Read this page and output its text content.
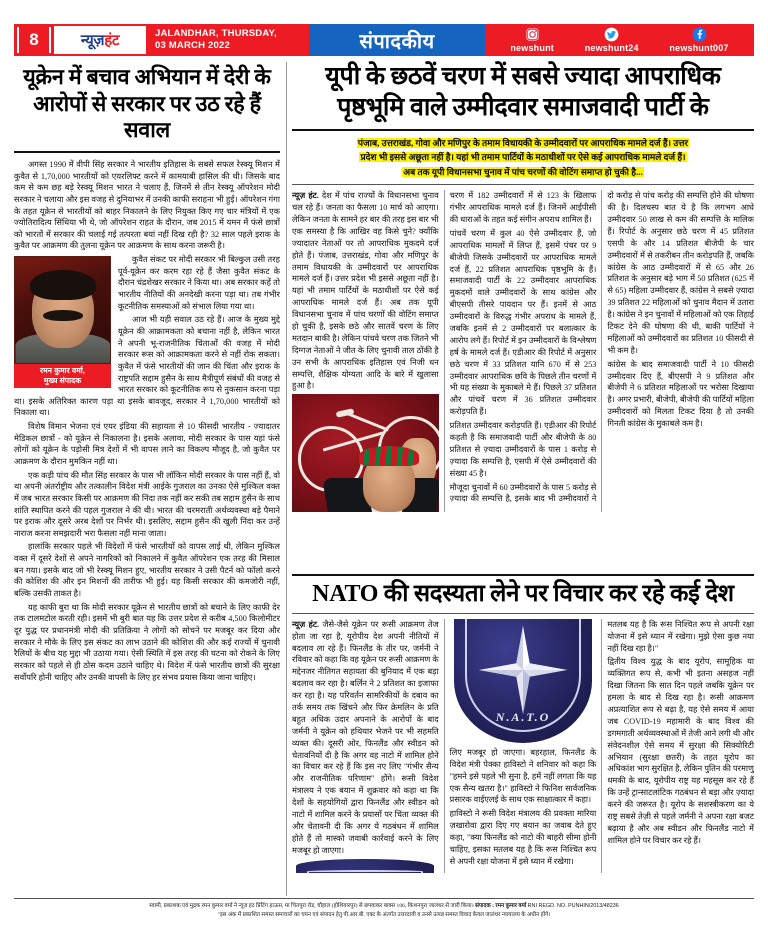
8	न्यूज़हंट	JALANDHAR, THURSDAY,
03 MARCH 2022	संपादकीय	newshunt	newshunt24	newshunt007
यूक्रेन में बचाव अभियान में देरी के आरोपों से सरकार पर उठ रहे हैं सवाल

अगस्त 1990 में वीपी सिंह सरकार ने भारतीय इतिहास के सबसे सफल रेस्क्यू मिशन में कुवैत से 1,70,000 भारतीयों को एयरलिफ्ट करने में कामयाबी हासिल की थी। जिसके बाद कम से कम छह बड़े रेस्क्यू मिशन भारत ने चलाए हैं, जिनमें से तीन रेस्क्यू ऑपरेशन मोदी सरकार ने चलाया और इस वजह से दुनियाभर में उनकी काफी सराहना भी हुई। ऑपरेशन गंगा के तहत यूक्रेन से भारतीयों को बाहर निकालने के लिए नियुक्त किए गए चार मंत्रियों में एक ज्योतिरादित्य सिंधिया भी थे, जो ऑपरेशन राहत के दौरान, जब 2015 में यमन में फंसे छात्रों को भारतों में सरकार की चलाई गई तत्परता बयां नहीं दिख रही है? 32 साल पहले इराक के कुवैत पर आक्रमण की तुलना यूक्रेन पर आक्रमण के साथ करना जरूरी है।

रमन कुमार वर्मा,
मुख्य संपादक

कुवैत संकट पर मोदी सरकार भी बिल्कुल उसी तरह पूर्व-यूक्रेन कर करम रहा रहे हैं जैसा कुवैत संकट के दौरान चंद्रशेखर सरकार ने किया था। अब सरकार कहें तो भारतीय नीतियों की अनदेखी करना पड़ा था। तब गंभीर कूटनीतिक समस्याओं को संभाल लिया गया था।

आज भी यही सवाल उठ रहे हैं। आज के मुख्य मुद्दे यूक्रेन की आक्रामकता को बचाना नहीं है, लेकिन भारत ने अपनी भू-राजनीतिक चिंताओं की वजह में मोदी सरकार रूस को आक्रामकता करने से नहीं रोक सकता। कुवैत में फंसे भारतीयों की जान की चिंता और इराक के राष्ट्रपति सद्दाम हुसैन के साथ मैत्रीपूर्ण संबंधों की वजह से भारत सरकार को कूटनीतिक रूप से नुकसान करना पड़ा था। इसके अतिरिक्त कारण पड़ा था इसके बावजूद, सरकार ने 1,70,000 भारतीयों को निकाला था।

विशेष विमान भेजना एवं एयर इंडिया की सहायता से 10 फीसदी भारतीय - ज्यादातर मेडिकल छात्रों - को यूक्रेन से निकालना है। इसके अलावा, मोदी सरकार के पास यहां फंसे लोगों को यूक्रेन के पड़ोसी मित्र देशों में भी वापस लाने का विकल्प मौजूद है, जो कुवैत पर आक्रमण के दौरान मुमकिन नहीं था।

एक कड़ी पांच की मौत सिंह सरकार के पास भी लॉकिन मोदी सरकार के पास नहीं हैं, वो था अपनी अंतर्राष्ट्रीय और तत्कालीन विदेश मंत्री आईके गुजराल का उनका ऐसे मुश्किल वक्त में जब भारत सरकार किसी पर आक्रमण की निंदा तक नहीं कर सकी तब सद्दाम हुसैन के साथ शांति स्थापित करने की पहल गुजराल ने की थी। भारत की चरमराती अर्थव्यवस्था बड़े पैमाने पर इराक और दूसरे अरब देशों पर निर्भर थी। इसलिए, सद्दाम हुसैन की खुली निंदा कर उन्हें नाराज करना समझदारी भरा फैसला नहीं माना जाता।

हालांकि सरकार पहले भी विदेशों में फंसे भारतीयों को वापस लाई थी, लेकिन मुश्किल वक्त में दूसरे देशों से अपने नागरिकों को निकालने में कुवैत ऑपरेशन एक तरह की मिसाल बन गया। इसके बाद जो भी रेस्क्यू मिशन हुए, भारतीय सरकार ने उसी पैटर्न को फॉलो करने की कोशिश की और इन मिशनों की तारीफ भी हुई। यह किसी सरकार की कमजोरी नहीं, बल्कि उसकी ताकत है।

यह काफी बुरा था कि मोदी सरकार यूक्रेन से भारतीय छात्रों को बचाने के लिए काफी देर तक टालमटोल करती रही। इसमें भी बुरी बात यह कि उत्तर प्रदेश से करीब 4,500 किलोमीटर दूर युद्ध पर प्रधानमंत्री मोदी की प्रतिक्रिया ने लोगों को सोचने पर मजबूर कर दिया और सरकार ने मौके के लिए इस संकट का लाभ उठाने की कोशिश की और कई राज्यों में चुनावी रैलियों के बीच यह मुद्दा भी उठाया गया। ऐसी स्थिति में इस तरह की घटना को रोकने के लिए सरकार को पहले से ही ठोस कदम उठाने चाहिए थे। विदेश में फंसे भारतीय छात्रों की सुरक्षा सर्वोपरि होनी चाहिए और उनकी वापसी के लिए हर संभव प्रयास किया जाना चाहिए।

यूपी के छठवें चरण में सबसे ज्यादा आपराधिक पृष्ठभूमि वाले उम्मीदवार समाजवादी पार्टी के
पंजाब, उत्तराखंड, गोवा और मणिपुर के तमाम विधायकी के उम्मीदवारों पर आपराधिक मामले दर्ज हैं। उत्तर
प्रदेश भी इससे अछूता नहीं है। यहां भी तमाम पार्टियों के मठाधीशों पर ऐसे कई आपराधिक मामले दर्ज हैं।
अब तक यूपी विधानसभा चुनाव में पांच चरणों की वोटिंग समाप्त हो चुकी है...

न्यूज़ हंट. देश में पांच राज्यों के विधानसभा चुनाव चल रहे हैं। जनता का फैसला 10 मार्च को आएगा। लेकिन जनता के सामने हर बार की तरह इस बार भी एक समस्या है कि आखिर वह किसे चुने? क्योंकि ज्यादातर नेताओं पर तो आपराधिक मुकदमे दर्ज होते हैं। पंजाब, उत्तराखंड, गोवा और मणिपुर के तमाम विधायकी के उम्मीदवारों पर आपराधिक मामले दर्ज हैं। उत्तर प्रदेश भी इससे अछूता नहीं है। यहां भी तमाम पार्टियों के मठाधीशों पर ऐसे कई आपराधिक मामले दर्ज हैं। अब तक यूपी विधानसभा चुनाव में पांच चरणों की वोटिंग समाप्त हो चुकी है, इसके छठे और सातवें चरण के लिए मतदान बाकी है। लेकिन पांचवे चरण तक जितने भी दिग्गज नेताओं ने जीत के लिए चुनावी ताल ठोंकी है उन सभी के आपराधिक इतिहास एवं निजी धन सम्पत्ति, शैक्षिक योग्यता आदि के बारे में खुलासा हुआ है।

चरण में 182 उम्मीदवारों में से 123 के खिलाफ गंभीर आपराधिक मामले दर्ज हैं। जिनमें आईपीसी की धाराओं के तहत कई संगीन अपराध शामिल हैं।

पांचवें चरण में कुल 40 ऐसे उम्मीदवार हैं, जो आपराधिक मामलों में लिप्त हैं, इसमें पंचर पर 9 बीजेपी जिसके उम्मीदवारों पर आपराधिक मामले दर्ज हैं, 22 प्रतिशत आपराधिक पृष्ठभूमि के हैं। समाजवादी पार्टी के 22 उम्मीदवार आपराधिक मुकदमों वाले उम्मीदवारों के साथ कांग्रेस और बीएसपी तीसरे पायदान पर हैं। इनमें से आठ उम्मीदवारों के विरुद्ध गंभीर अपराध के मामले हैं, जबकि इनमें से 2 उम्मीदवारों पर बलात्कार के आरोप लगे हैं। रिपोर्ट में इन उम्मीदवारों के विश्लेषण हर्ष के मामले दर्ज हैं। एडीआर की रिपोर्ट में अनुसार छठे चरण में 33 प्रतिशत यानि 670 में से 253 उम्मीदवार आपराधिक छवि के पिछले तीन चरणों में भी यह संख्या के मुकाबले मे हैं। पिछले 37 प्रतिशत और पांचवें चरण में 36 प्रतिशत उम्मीदवार करोड़पति हैं।

प्रतिशत उम्मीदवार करोड़पति हैं। एडीआर की रिपोर्ट कहती है कि समाजवादी पार्टी और बीजेपी के 80 प्रतिशत से ज़्यादा उम्मीदवारों के पास 1 करोड़ से ज़्यादा कि सम्पत्ति है, एसपी में ऐसे उम्मीदवारों की संख्या 45 है।

मौजूदा चुनावों में 60 उम्मीदवारों के पास 5 करोड़ से ज़्यादा की सम्पत्ति है, इसके बाद भी उम्मीदवारों ने दो करोड़ से पांच करोड़ की सम्पत्ति होने की घोषणा की है। दिलचस्प बात ये है कि लगभग आधे उम्मीदवार 50 लाख से कम की सम्पत्ति के मालिक हैं। रिपोर्ट के अनुसार छठे चरण में 45 प्रतिशत एसपी के और 14 प्रतिशत बीजेपी के चार उम्मीदवारों में से तकरीबन तीन करोड़पति हैं, जबकि कांग्रेस के आठ उम्मीदवारों में से 65 और 26 प्रतिशत के अनुसार बड़े भाग में 50 प्रतिशत (625 में से 65) महिला उम्मीदवार हैं, कांग्रेस ने सबसे ज़्यादा 39 प्रतिशत 22 महिलाओं को चुनाव मैदान में उतारा है। कांग्रेस ने इन चुनावों में महिलाओं को एक तिहाई टिकट देने की घोषणा की थी, बाकी पार्टियों ने महिलाओं को उम्मीदवारों का प्रतिशत 10 फीसदी से भी कम है।

कांग्रेस के बाद समाजवादी पार्टी ने 10 फीसदी उम्मीदवार दिए हैं, बीएसपी ने 9 प्रतिशत और बीजेपी ने 6 प्रतिशत महिलाओं पर भरोसा दिखाया है। अगर प्रभारी, बीजेपी, बीजेपी की पार्टियों महिला उम्मीदवारों को मिलता टिकट दिया है तो उनकी गिनती कांग्रेस के मुकाबले कम है।

NATO की सदस्यता लेने पर विचार कर रहे कई देश

न्यूज़ हंट. जैसे-जैसे यूक्रेन पर रूसी आक्रमण तेज होता जा रहा है, यूरोपीय देश अपनी नीतियों में बदलाव ला रहे हैं। फिनलैंड के तीर पर, जर्मनी ने रविवार को कहा कि वह यूक्रेन पर रूसी आक्रमण के मद्देनजर नीतिगत सहायता की बुनियाद में एक बड़ा बदलाव कर रहा है। बर्लिन ने 2 प्रतिशत का इजाफा कर रहा है। यह परिवर्तन सामरिकीयों के दबाव का तर्क समय तक खिंचने और फिर क्रेमलिन के प्रति बहुत अधिक उदार अपनाने के आरोपों के बाद जर्मनी ने यूक्रेन को हथियार भेजने पर भी सहमति व्यक्त की। दूसरी ओर, फिनलैंड और स्वीडन को चेतावनियों दी है कि अगर वह नाटो में शामिल होने का विचार कर रहे हैं कि इस नए लिए "गंभीर सैन्य और राजनीतिक परिणाम" होंगे। रूसी विदेश मंत्रालय ने एक बयान में शुक्रवार को कहा था कि देशों के सहयोगियों द्वारा फिनलैंड और स्वीडन को नाटो में शामिल करने के प्रयासों पर चिंता व्यक्त की और चेतावनी दी कि अगर ये गठबंधन में शामिल होते हैं तो मास्को जवाबी कार्रवाई करने के लिए मजबूर हो जाएगा।

N.A.T.O

लिए मजबूर हो जाएगा। बहरहाल, फिनलैंड के विदेश मंत्री पेक्का हाविस्टो ने शनिवार को कहा कि "हमने इसे पहले भी सुना है, हमें नहीं लगता कि यह एक सैन्य खतरा है।" हाविस्टो ने फिनिश सार्वजनिक प्रसारक वाईएलई के साथ एक साक्षात्कार में कहा।

हाविस्टो ने रूसी विदेश मंत्रालय की प्रवक्ता मारिया ज़खारोवा द्वारा दिए गए बयान का जवाब देते हुए कहा, "क्या फिनलैंड को नाटो की बाहरी सीमा होनी चाहिए, इसका मतलब यह है कि रूस निश्चित रूप से अपनी रक्षा योजना में इसे ध्यान में रखेगा।

मतलब यह है कि रूस निश्चित रूप से अपनी रक्षा योजना में इसे ध्यान में रखेगा। मुझे ऐसा कुछ नया नहीं दिख रहा है।"

द्वितीय विश्व युद्ध के बाद यूरोप, सामूहिक या व्यक्तिगत रूप से, कभी भी इतना असहज नहीं दिखा जितना कि सात दिन पहले जबकि यूक्रेन पर हमला के बाद से दिख रहा है। रूसी आक्रमण अप्रत्याशित रूप से बढ़ा है, यह ऐसे समय में आया जब COVID-19 महामारी के बाद विश्व की डगमगाती अर्थव्यवस्थाओं में तेजी आने लगी थी और संवेदनशील ऐसे समय में सुरक्षा की सिक्योरिटी अभियान (सुरक्षा छतरी) के तहत यूरोप का अधिकांश भाग सुरक्षित है, लेकिन पुतिन की परमाणु धमकी के बाद, यूरोपीय राष्ट्र यह महसूस कर रहे हैं कि उन्हें ट्रान्साटलांटिक गठबंधन से बड़ा और ज़्यादा करने की जरूरत है। यूरोप के सशस्त्रीकरण का ये राष्ट्र सबसे तेज़ी से पहले जर्मनी ने अपना रक्षा बजट बढ़ाया है और अब स्वीडन और फिनलैंड नाटो में शामिल होने पर विचार कर रहे हैं।

स्वामी, प्रकाशक एवं मुद्रक रमन कुमार वर्मा ने न्यूज़ हंट प्रिंटिंग हाऊस, मा चितपूरा रोड, चौहाल (होशियारपुर) से छपवाकर बाक्स 106, किशनपुरा जालंधर से जारी किया। संपादक : रमन कुमार वर्मा RNI REGD. NO. PUNHIN/2013/48236
"इस अंक में प्रकाशित समस्त समाचारों का चयन एवं संपादन हेतु पी.आर.बी. एक्ट के अंतर्गत उत्तरदायी व उनसे उत्पन्न समस्त विवाद केवल जालंधर न्यायालय के अधीन होंगे।
